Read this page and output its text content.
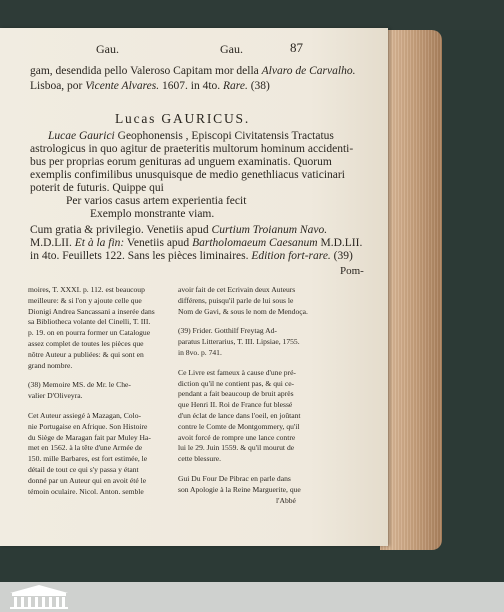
Gau.	Gau.	87
gam, desendida pello Valeroso Capitam mor della Alvaro de Carvalho.
Lisboa, por Vicente Alvares. 1607. in 4to. Rare. (38)
Lucas GAURICUS.
Lucae Gaurici Geophonensis , Episcopi Civitatensis Tractatus
astrologicus in quo agitur de praeteritis multorum hominum accidenti-
bus per proprias eorum genituras ad unguem examinatis. Quorum
exemplis confimilibus unusquisque de medio genethliacus vaticinari
poterit de futuris. Quippe qui
Per varios casus artem experientia fecit
Exemplo monstrante viam.
Cum gratia & privilegio. Venetiis apud Curtium Troianum Navo.
M.D.LII. Et à la fin: Venetiis apud Bartholomaeum Caesanum M.D.LII.
in 4to. Feuillets 122. Sans les pièces liminaires. Edition fort-rare. (39)
Pom-
moires, T. XXXI. p. 112. est beaucoup
meilleure: & si l'on y ajoute celle que
Dionigi Andrea Sancassani a inserée dans
sa Bibliotheca volante del Cinelli, T. III.
p. 19. on en pourra former un Catalogue
assez complet de toutes les pièces que
nôtre Auteur a publiées: & qui sont en
grand nombre.
(38) Memoire MS. de Mr. le Che-
valier D'Oliveyra.
Cet Auteur assiegé à Mazagan, Colo-
nie Portugaise en Afrique. Son Histoire
du Siège de Maragan fait par Muley Ha-
met en 1562. à la tête d'une Armée de
150. mille Barbares, est fort estimée, le
détail de tout ce qui s'y passa y étant
donné par un Auteur qui en avoit été le
témoin oculaire. Nicol. Anton. semble
avoir fait de cet Ecrivain deux Auteurs
différens, puisqu'il parle de lui sous le
Nom de Gavi, & sous le nom de Mendoça.
(39) Frider. Gotthilf Freytag Ad-
paratus Litterarius, T. III. Lipsiae, 1755.
in 8vo. p. 741.
Ce Livre est fameux à cause d'une pré-
diction qu'il ne contient pas, & qui ce-
pendant a fait beaucoup de bruit après
que Henri II. Roi de France fut blessé
d'un éclat de lance dans l'oeil, en joûtant
contre le Comte de Montgommery, qu'il
avoit forcé de rompre une lance contre
lui le 29. Juin 1559. & qu'il mourut de
cette blessure.
Gui Du Four De Pibrac en parle dans
son Apologie à la Reine Marguerite, que
l'Abbé
